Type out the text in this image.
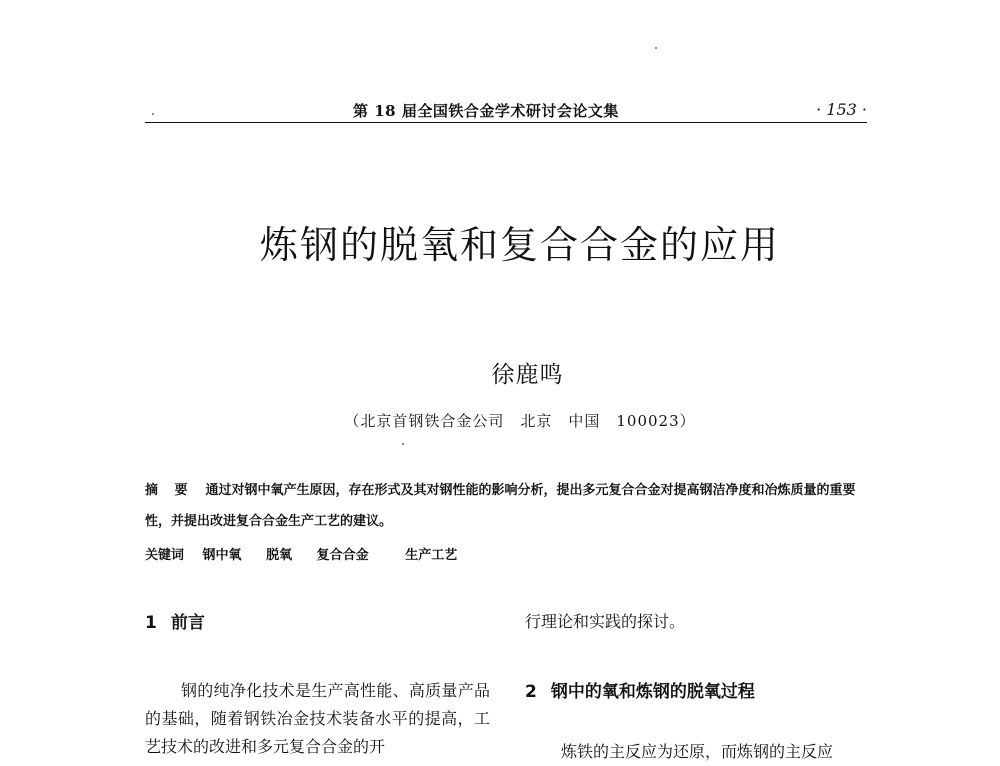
第 18 届全国铁合金学术研讨会论文集	· 153 ·
炼钢的脱氧和复合合金的应用
徐鹿鸣
（北京首钢铁合金公司　北京　中国　100023）
摘 要 通过对钢中氧产生原因，存在形式及其对钢性能的影响分析，提出多元复合合金对提高钢洁净度和冶炼质量的重要性，并提出改进复合合金生产工艺的建议。
关键词 钢中氧 脱氧 复合合金	生产工艺
1 前言
钢的纯净化技术是生产高性能、高质量产品的基础，随着钢铁冶金技术装备水平的提高，工艺技术的改进和多元复合合金的开
行理论和实践的探讨。
2 钢中的氧和炼钢的脱氧过程
炼铁的主反应为还原，而炼钢的主反应
